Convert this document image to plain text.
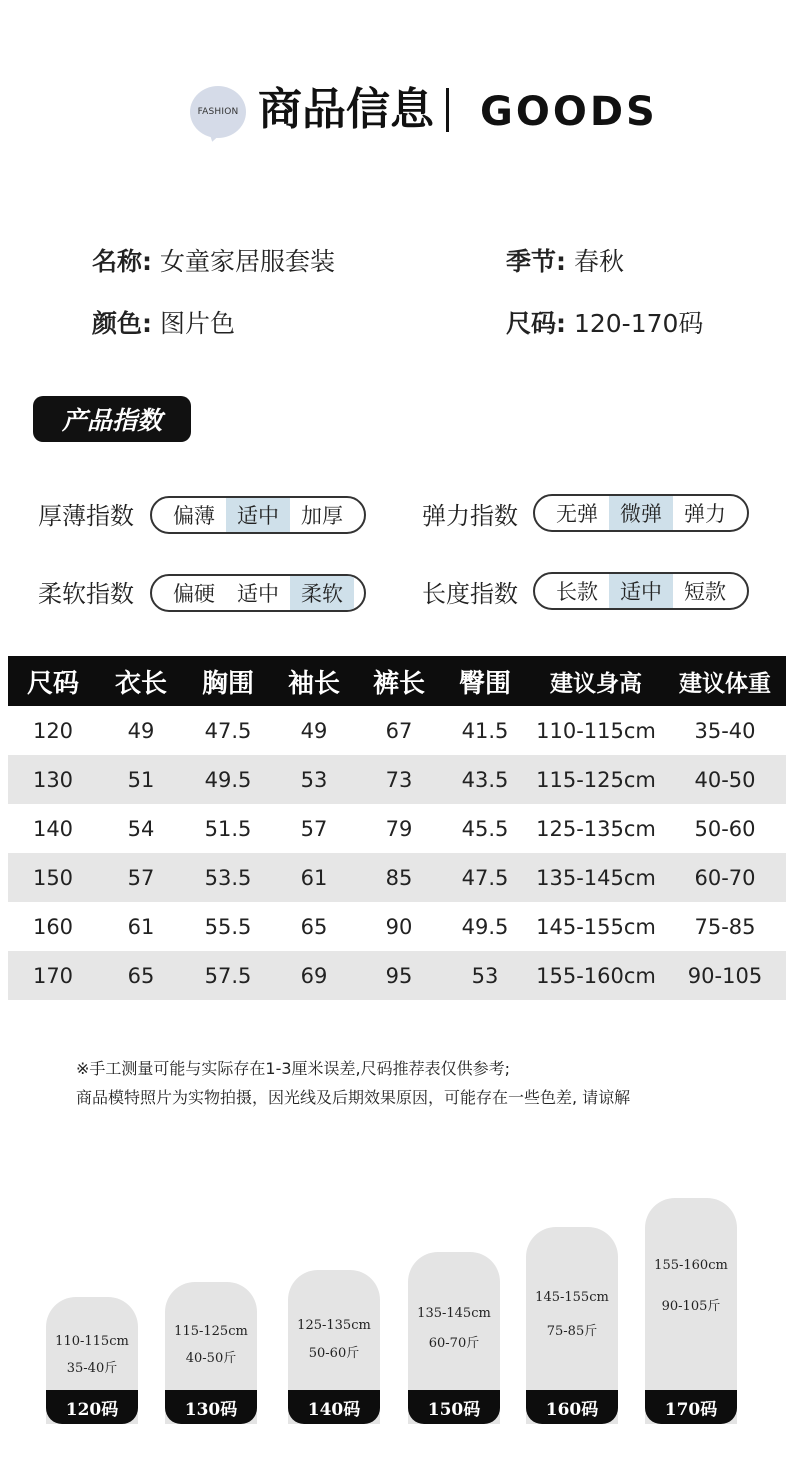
FASHION 商品信息 GOODS
名称: 女童家居服套装	季节: 春秋
颜色: 图片色	尺码: 120-170码
产品指数
厚薄指数	偏薄	适中	加厚	弹力指数	无弹	微弹	弹力
柔软指数	偏硬	适中	柔软	长度指数	长款	适中	短款
尺码	衣长	胸围	袖长	裤长	臀围	建议身高	建议体重
120	49	47.5	49	67	41.5	110-115cm	35-40
130	51	49.5	53	73	43.5	115-125cm	40-50
140	54	51.5	57	79	45.5	125-135cm	50-60
150	57	53.5	61	85	47.5	135-145cm	60-70
160	61	55.5	65	90	49.5	145-155cm	75-85
170	65	57.5	69	95	53	155-160cm	90-105
※手工测量可能与实际存在1-3厘米误差,尺码推荐表仅供参考;
商品模特照片为实物拍摄，因光线及后期效果原因，可能存在一些色差, 请谅解
110-115cm
35-40斤
120码
115-125cm
40-50斤
130码
125-135cm
50-60斤
140码
135-145cm
60-70斤
150码
145-155cm
75-85斤
160码
155-160cm
90-105斤
170码
